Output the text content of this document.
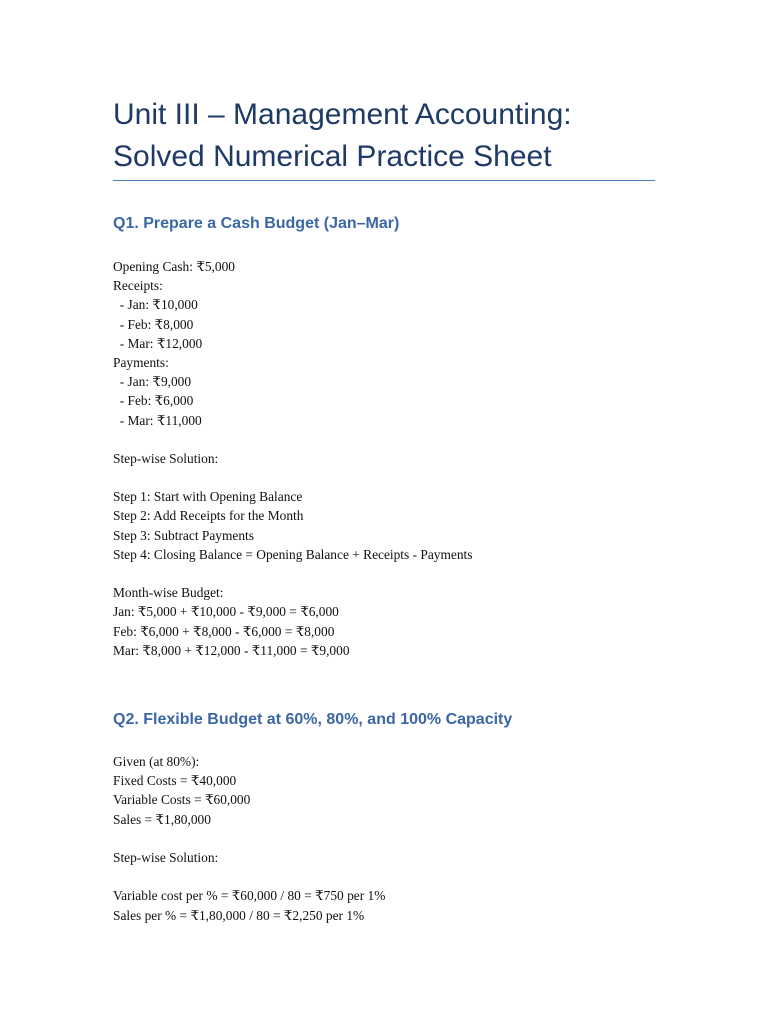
Unit III – Management Accounting:
Solved Numerical Practice Sheet
Q1. Prepare a Cash Budget (Jan–Mar)
Opening Cash: ₹5,000
Receipts:
- Jan: ₹10,000
- Feb: ₹8,000
- Mar: ₹12,000
Payments:
- Jan: ₹9,000
- Feb: ₹6,000
- Mar: ₹11,000
Step-wise Solution:
Step 1: Start with Opening Balance
Step 2: Add Receipts for the Month
Step 3: Subtract Payments
Step 4: Closing Balance = Opening Balance + Receipts - Payments
Month-wise Budget:
Jan: ₹5,000 + ₹10,000 - ₹9,000 = ₹6,000
Feb: ₹6,000 + ₹8,000 - ₹6,000 = ₹8,000
Mar: ₹8,000 + ₹12,000 - ₹11,000 = ₹9,000
Q2. Flexible Budget at 60%, 80%, and 100% Capacity
Given (at 80%):
Fixed Costs = ₹40,000
Variable Costs = ₹60,000
Sales = ₹1,80,000
Step-wise Solution:
Variable cost per % = ₹60,000 / 80 = ₹750 per 1%
Sales per % = ₹1,80,000 / 80 = ₹2,250 per 1%
